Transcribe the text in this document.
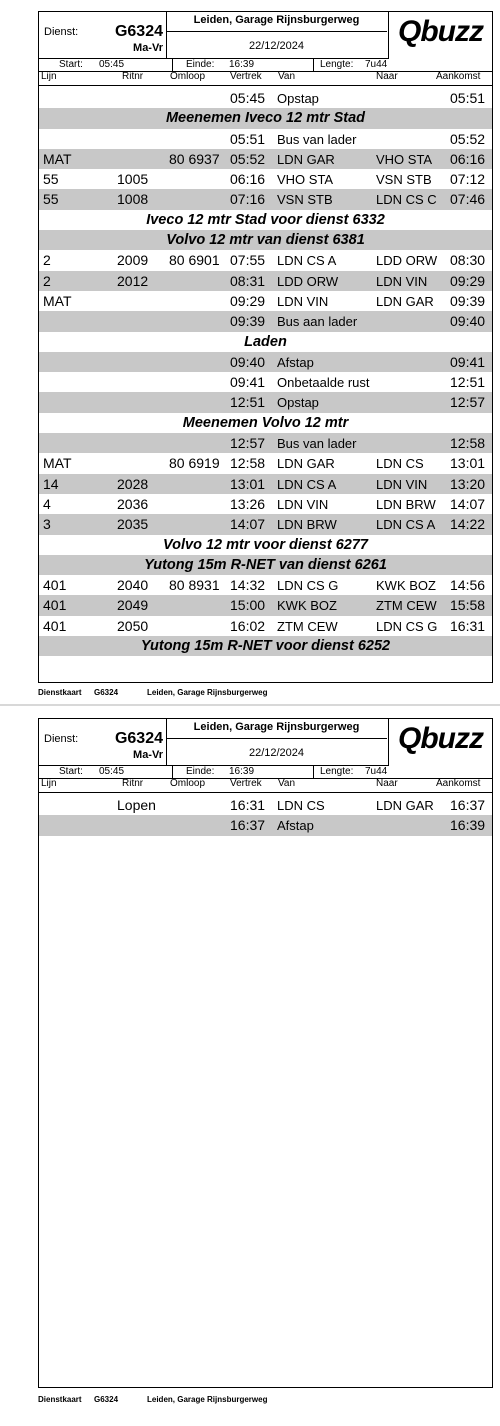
Dienst: G6324
Ma-Vr
Leiden, Garage Rijnsburgerweg
22/12/2024	Qbuzz
Start: 05:45	Einde: 16:39	Lengte: 7u44
Lijn	Ritnr	Omloop Vertrek Van	Naar	Aankomst
05:45 Opstap	05:51
Meenemen Iveco 12 mtr Stad
05:51 Bus van lader	05:52
MAT	80 6937 05:52 LDN GAR	VHO STA 06:16
55	1005	06:16 VHO STA	VSN STB 07:12
55	1008	07:16 VSN STB	LDN CS C 07:46
Iveco 12 mtr Stad voor dienst 6332
Volvo 12 mtr van dienst 6381
2	2009 80 6901 07:55 LDN CS A	LDD ORW 08:30
2	2012	08:31 LDD ORW	LDN VIN 09:29
MAT	09:29 LDN VIN	LDN GAR 09:39
09:39 Bus aan lader	09:40
Laden
09:40 Afstap	09:41
09:41 Onbetaalde rust	12:51
12:51 Opstap	12:57
Meenemen Volvo 12 mtr
12:57 Bus van lader	12:58
MAT	80 6919 12:58 LDN GAR	LDN CS 13:01
14	2028	13:01 LDN CS A	LDN VIN 13:20
4	2036	13:26 LDN VIN	LDN BRW 14:07
3	2035	14:07 LDN BRW	LDN CS A 14:22
Volvo 12 mtr voor dienst 6277
Yutong 15m R-NET van dienst 6261
401	2040 80 8931 14:32 LDN CS G	KWK BOZ 14:56
401	2049	15:00 KWK BOZ	ZTM CEW 15:58
401	2050	16:02 ZTM CEW	LDN CS G 16:31
Yutong 15m R-NET voor dienst 6252
Dienstkaart G6324	Leiden, Garage Rijnsburgerweg
Dienst: G6324
Ma-Vr
Leiden, Garage Rijnsburgerweg
22/12/2024	Qbuzz
Start: 05:45	Einde: 16:39	Lengte: 7u44
Lijn	Ritnr	Omloop Vertrek Van	Naar	Aankomst
Lopen	16:31 LDN CS	LDN GAR 16:37
16:37 Afstap	16:39
Dienstkaart G6324	Leiden, Garage Rijnsburgerweg
